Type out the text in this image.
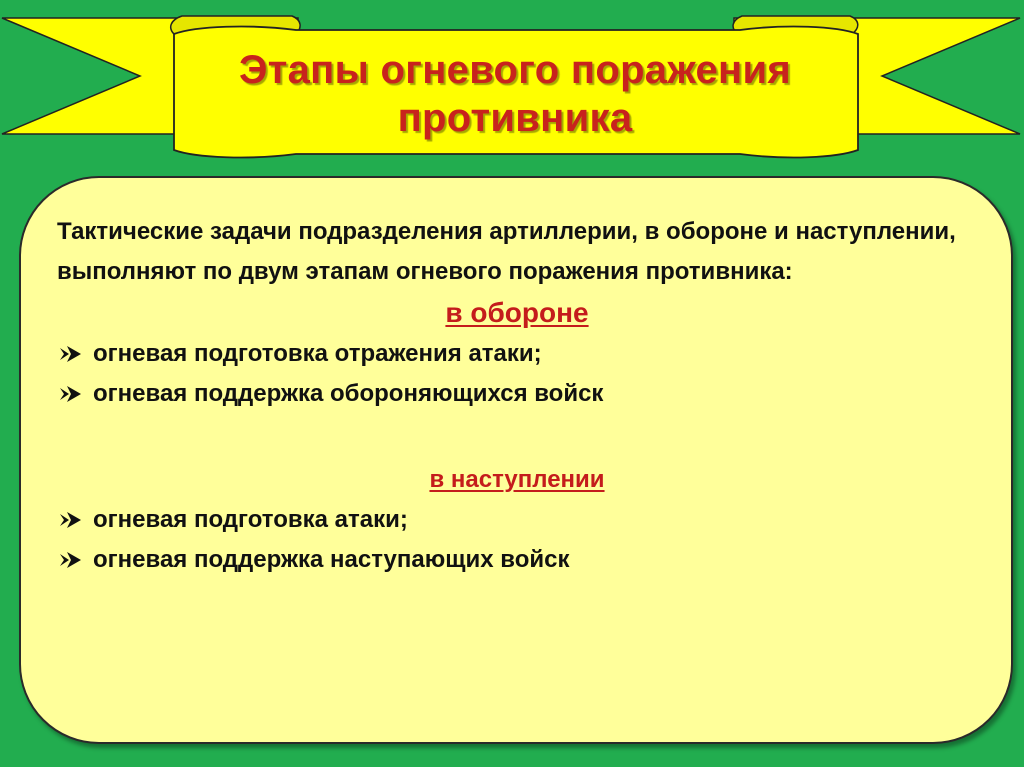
Этапы огневого поражения
противника

Тактические задачи подразделения артиллерии, в обороне и наступлении, выполняют по двум этапам огневого поражения противника:

в обороне

огневая подготовка отражения атаки;
огневая поддержка обороняющихся войск

в наступлении

огневая подготовка атаки;
огневая поддержка наступающих войск
